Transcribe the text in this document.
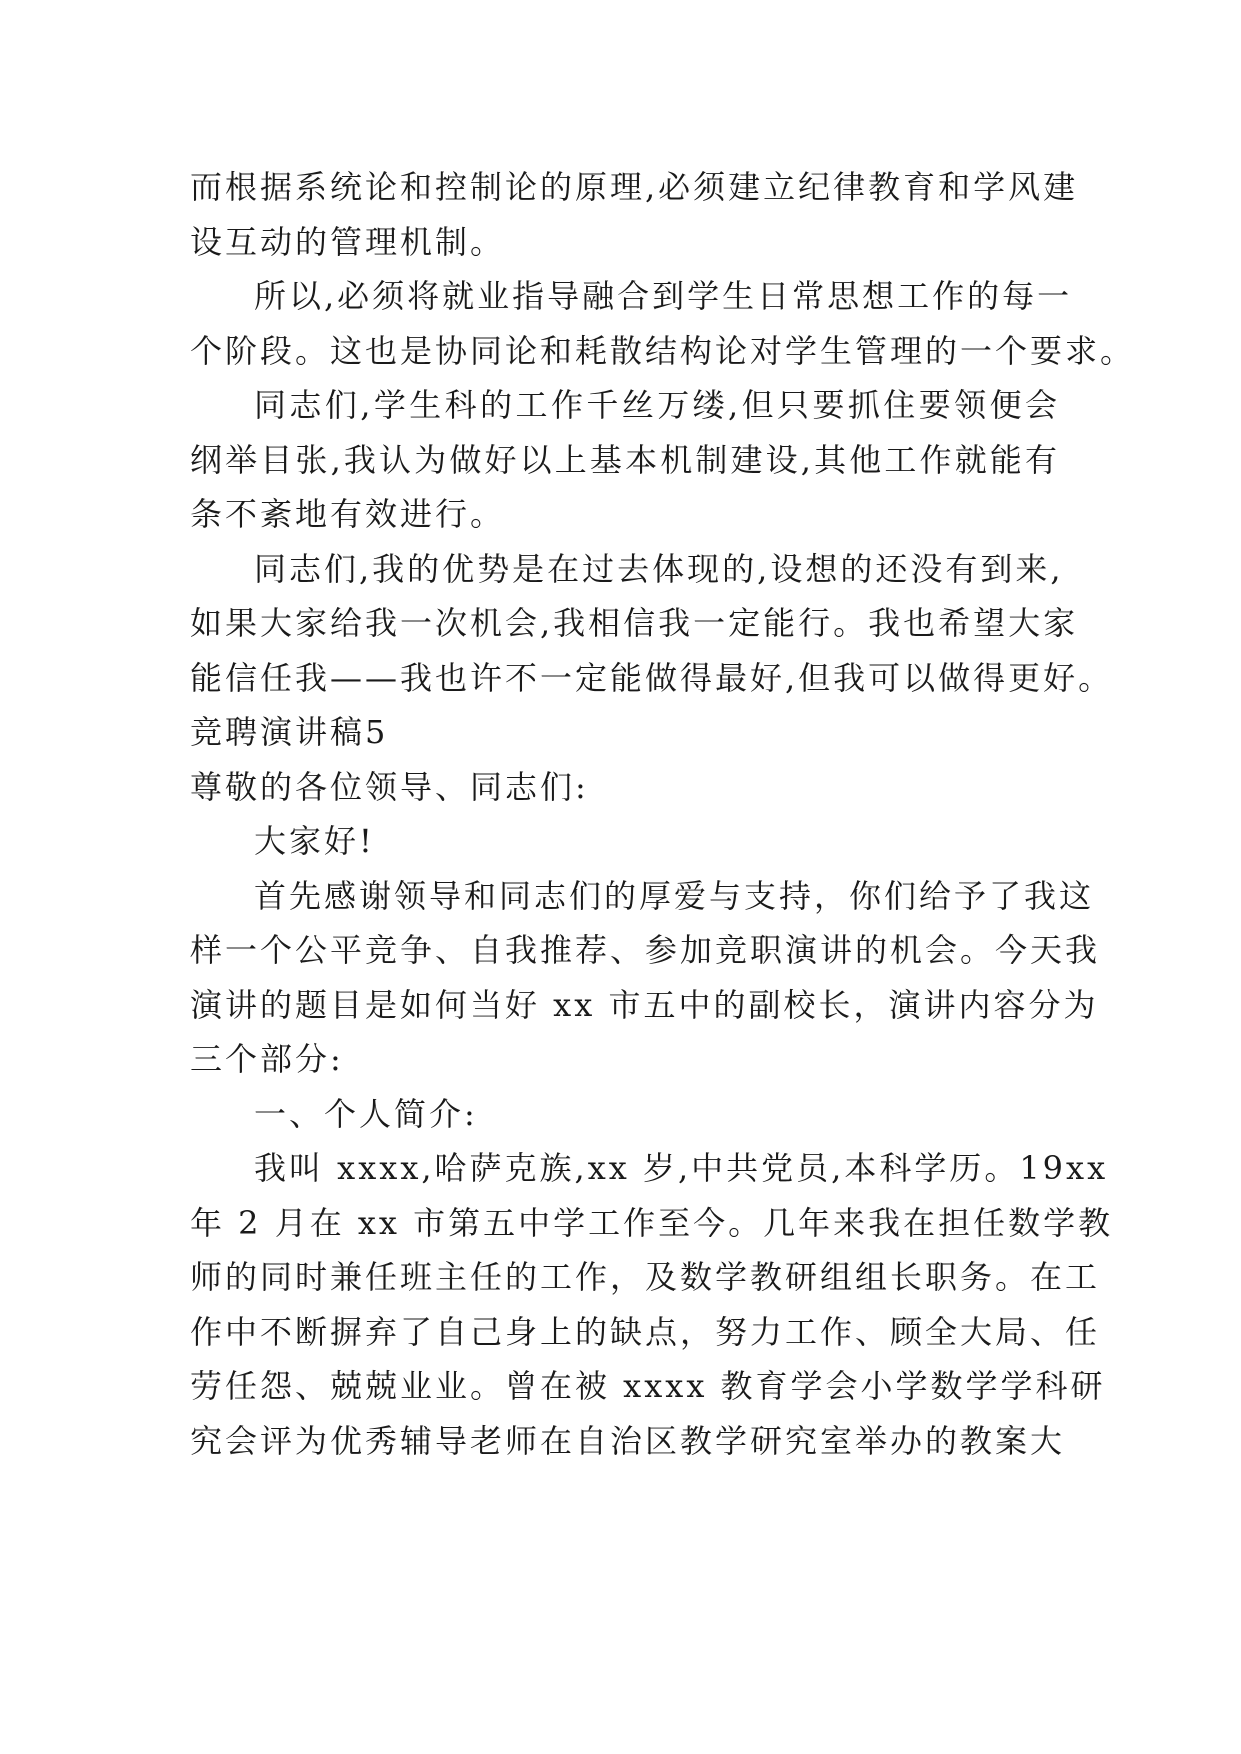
而根据系统论和控制论的原理,必须建立纪律教育和学风建
设互动的管理机制。
所以,必须将就业指导融合到学生日常思想工作的每一
个阶段。这也是协同论和耗散结构论对学生管理的一个要求。
同志们,学生科的工作千丝万缕,但只要抓住要领便会
纲举目张,我认为做好以上基本机制建设,其他工作就能有
条不紊地有效进行。
同志们,我的优势是在过去体现的,设想的还没有到来,
如果大家给我一次机会,我相信我一定能行。我也希望大家
能信任我——我也许不一定能做得最好,但我可以做得更好。
竞聘演讲稿5
尊敬的各位领导、同志们:
大家好!
首先感谢领导和同志们的厚爱与支持，你们给予了我这
样一个公平竞争、自我推荐、参加竞职演讲的机会。今天我
演讲的题目是如何当好 xx 市五中的副校长，演讲内容分为
三个部分:
一、个人简介:
我叫 xxxx,哈萨克族,xx 岁,中共党员,本科学历。19xx
年 2 月在 xx 市第五中学工作至今。几年来我在担任数学教
师的同时兼任班主任的工作，及数学教研组组长职务。在工
作中不断摒弃了自己身上的缺点，努力工作、顾全大局、任
劳任怨、兢兢业业。曾在被 xxxx 教育学会小学数学学科研
究会评为优秀辅导老师在自治区教学研究室举办的教案大
